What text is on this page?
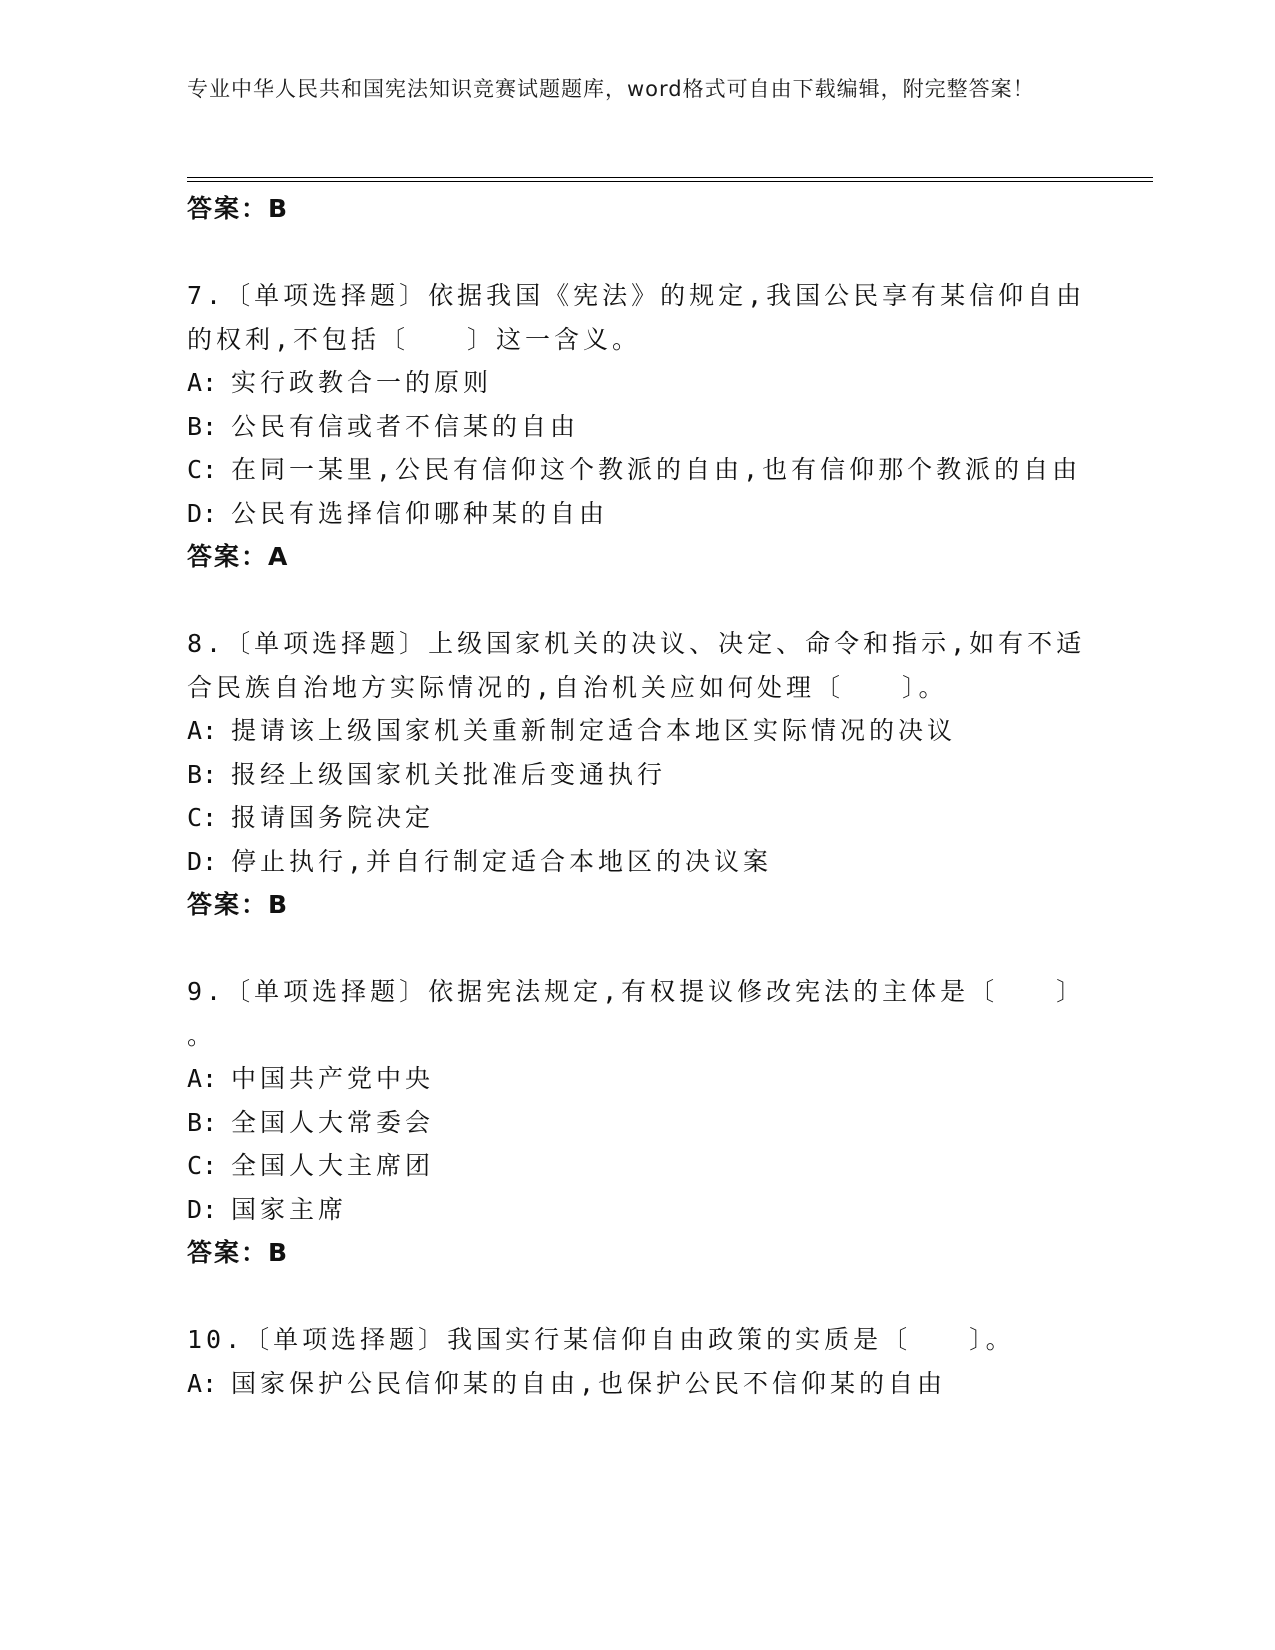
专业中华人民共和国宪法知识竞赛试题题库，word格式可自由下载编辑，附完整答案！
答案：B
7.〔单项选择题〕依据我国《宪法》的规定,我国公民享有某信仰自由
的权利,不包括〔　　〕这一含义。
A: 实行政教合一的原则
B: 公民有信或者不信某的自由
C: 在同一某里,公民有信仰这个教派的自由,也有信仰那个教派的自由
D: 公民有选择信仰哪种某的自由
答案：A
8.〔单项选择题〕上级国家机关的决议、决定、命令和指示,如有不适
合民族自治地方实际情况的,自治机关应如何处理〔　　〕。
A: 提请该上级国家机关重新制定适合本地区实际情况的决议
B: 报经上级国家机关批准后变通执行
C: 报请国务院决定
D: 停止执行,并自行制定适合本地区的决议案
答案：B
9.〔单项选择题〕依据宪法规定,有权提议修改宪法的主体是〔　　〕
。
A: 中国共产党中央
B: 全国人大常委会
C: 全国人大主席团
D: 国家主席
答案：B
10.〔单项选择题〕我国实行某信仰自由政策的实质是〔　　〕。
A: 国家保护公民信仰某的自由,也保护公民不信仰某的自由
